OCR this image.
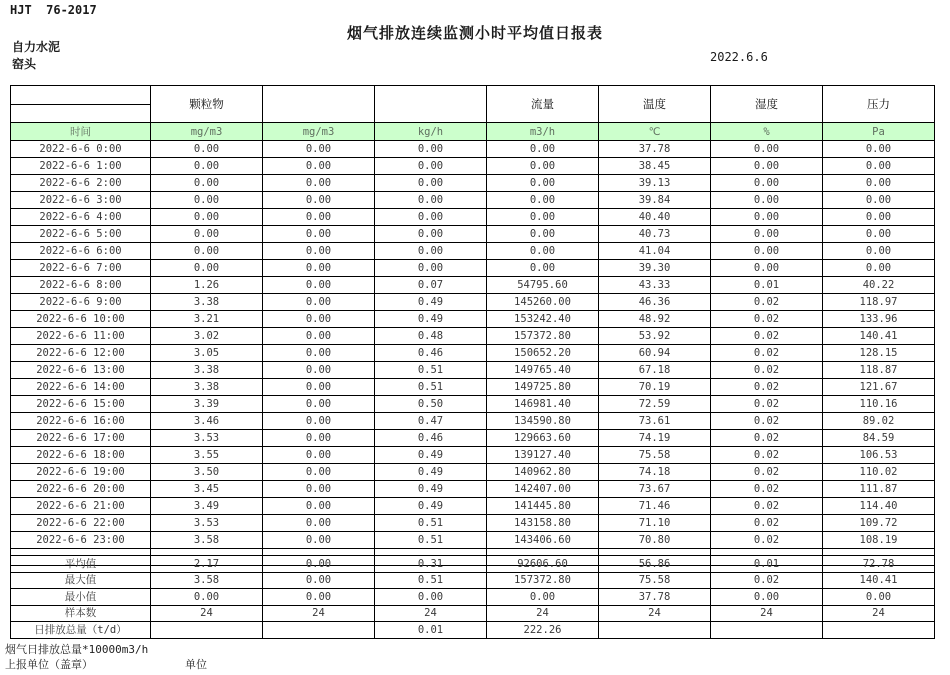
HJT  76-2017
烟气排放连续监测小时平均值日报表
自力水泥
窑头	2022.6.6
	颗粒物			流量	温度	湿度	压力

时间	mg/m3	mg/m3	kg/h	m3/h	℃	%	Pa
2022-6-6 0:00	0.00	0.00	0.00	0.00	37.78	0.00	0.00
2022-6-6 1:00	0.00	0.00	0.00	0.00	38.45	0.00	0.00
2022-6-6 2:00	0.00	0.00	0.00	0.00	39.13	0.00	0.00
2022-6-6 3:00	0.00	0.00	0.00	0.00	39.84	0.00	0.00
2022-6-6 4:00	0.00	0.00	0.00	0.00	40.40	0.00	0.00
2022-6-6 5:00	0.00	0.00	0.00	0.00	40.73	0.00	0.00
2022-6-6 6:00	0.00	0.00	0.00	0.00	41.04	0.00	0.00
2022-6-6 7:00	0.00	0.00	0.00	0.00	39.30	0.00	0.00
2022-6-6 8:00	1.26	0.00	0.07	54795.60	43.33	0.01	40.22
2022-6-6 9:00	3.38	0.00	0.49	145260.00	46.36	0.02	118.97
2022-6-6 10:00	3.21	0.00	0.49	153242.40	48.92	0.02	133.96
2022-6-6 11:00	3.02	0.00	0.48	157372.80	53.92	0.02	140.41
2022-6-6 12:00	3.05	0.00	0.46	150652.20	60.94	0.02	128.15
2022-6-6 13:00	3.38	0.00	0.51	149765.40	67.18	0.02	118.87
2022-6-6 14:00	3.38	0.00	0.51	149725.80	70.19	0.02	121.67
2022-6-6 15:00	3.39	0.00	0.50	146981.40	72.59	0.02	110.16
2022-6-6 16:00	3.46	0.00	0.47	134590.80	73.61	0.02	89.02
2022-6-6 17:00	3.53	0.00	0.46	129663.60	74.19	0.02	84.59
2022-6-6 18:00	3.55	0.00	0.49	139127.40	75.58	0.02	106.53
2022-6-6 19:00	3.50	0.00	0.49	140962.80	74.18	0.02	110.02
2022-6-6 20:00	3.45	0.00	0.49	142407.00	73.67	0.02	111.87
2022-6-6 21:00	3.49	0.00	0.49	141445.80	71.46	0.02	114.40
2022-6-6 22:00	3.53	0.00	0.51	143158.80	71.10	0.02	109.72
2022-6-6 23:00	3.58	0.00	0.51	143406.60	70.80	0.02	108.19

平均值	2.17	0.00	0.31	92606.60	56.86	0.01	72.78
最大值	3.58	0.00	0.51	157372.80	75.58	0.02	140.41
最小值	0.00	0.00	0.00	0.00	37.78	0.00	0.00
样本数	24	24	24	24	24	24	24
日排放总量（t/d）			0.01	222.26			
烟气日排放总量*10000m3/h
上报单位（盖章）	单位
